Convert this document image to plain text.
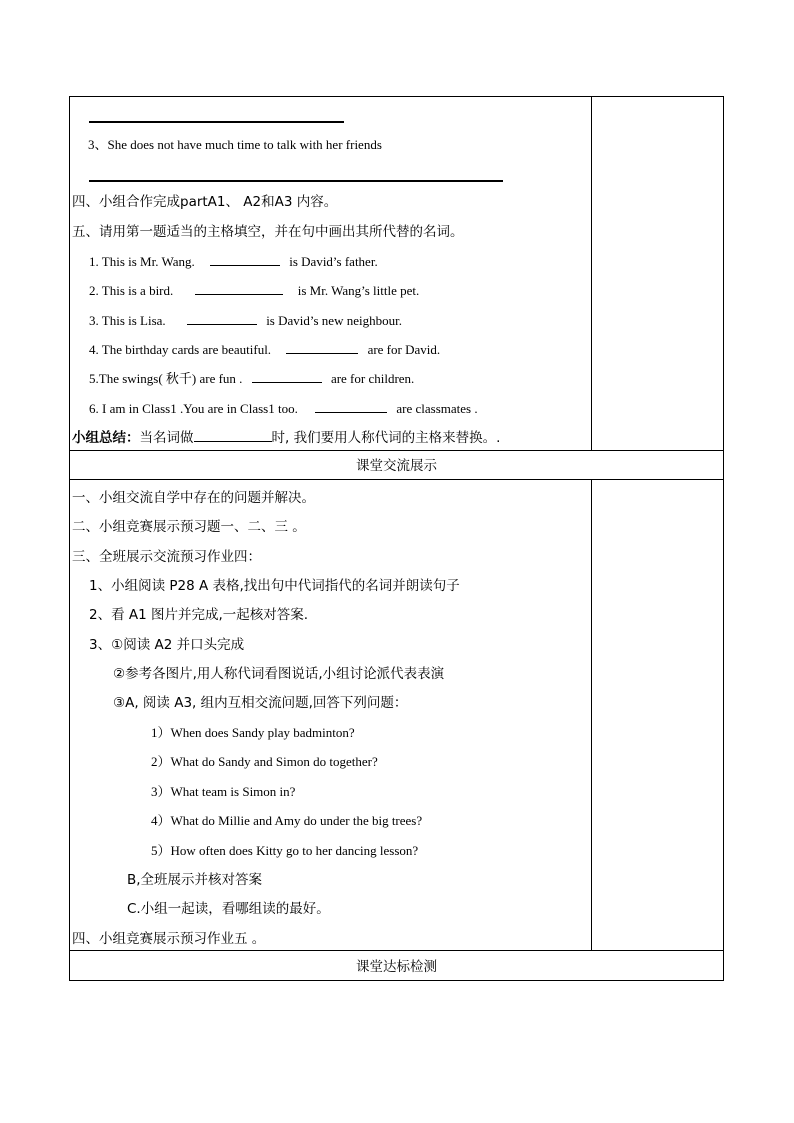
3、She does not have much time to talk with her friends
四、小组合作完成partA1、 A2和A3 内容。
五、请用第一题适当的主格填空，并在句中画出其所代替的名词。
1. This is Mr. Wang.	is David’s father.
2. This is a bird.	is Mr. Wang’s little pet.
3. This is Lisa.	is David’s new neighbour.
4. The birthday cards are beautiful.	are for David.
5.The swings( 秋千) are fun .	are for children.
6. I am in Class1 .You are in Class1 too.	are classmates .
小组总结：当名词做	时, 我们要用人称代词的主格来替换。.
课堂交流展示
一、小组交流自学中存在的问题并解决。
二、小组竞赛展示预习题一、二、三 。
三、全班展示交流预习作业四：
1、小组阅读 P28 A 表格,找出句中代词指代的名词并朗读句子
2、看 A1 图片并完成,一起核对答案.
3、①阅读 A2 并口头完成
②参考各图片,用人称代词看图说话,小组讨论派代表表演
③A, 阅读 A3, 组内互相交流问题,回答下列问题：
1）When does Sandy play badminton?
2）What do Sandy and Simon do together?
3）What team is Simon in?
4）What do Millie and Amy do under the big trees?
5）How often does Kitty go to her dancing lesson?
B,全班展示并核对答案
C.小组一起读，看哪组读的最好。
四、小组竞赛展示预习作业五 。
课堂达标检测
